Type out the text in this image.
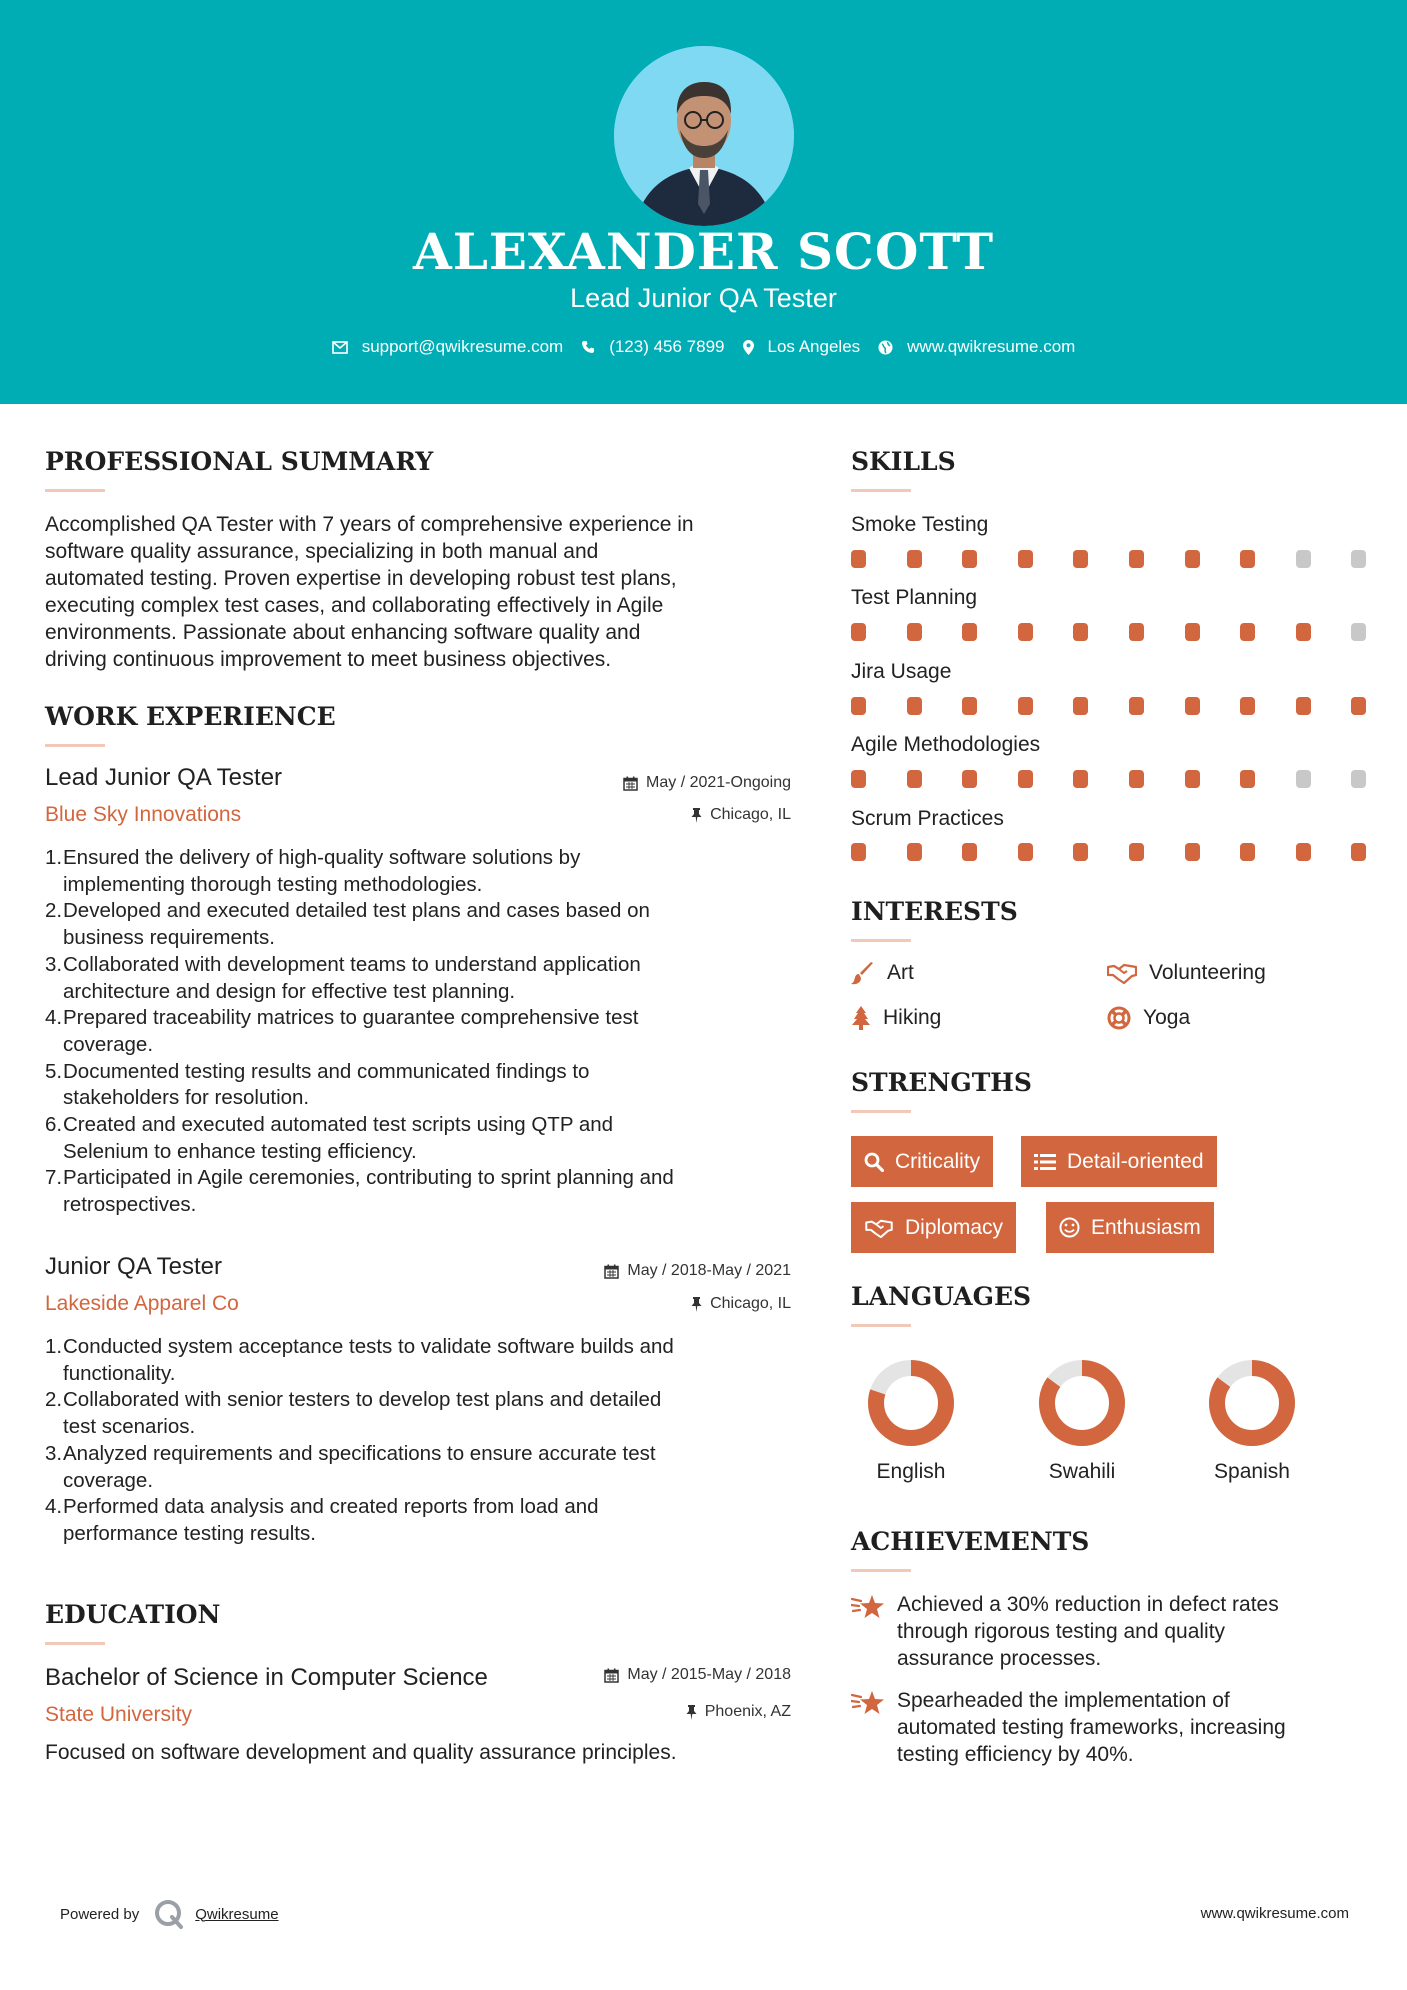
ALEXANDER SCOTT
Lead Junior QA Tester
support@qwikresume.com	(123) 456 7899	Los Angeles	www.qwikresume.com
PROFESSIONAL SUMMARY
Accomplished QA Tester with 7 years of comprehensive experience in
software quality assurance, specializing in both manual and
automated testing. Proven expertise in developing robust test plans,
executing complex test cases, and collaborating effectively in Agile
environments. Passionate about enhancing software quality and
driving continuous improvement to meet business objectives.
WORK EXPERIENCE
Lead Junior QA Tester
Blue Sky Innovations
May / 2021-Ongoing
Chicago, IL
1. Ensured the delivery of high-quality software solutions by
implementing thorough testing methodologies.
2. Developed and executed detailed test plans and cases based on
business requirements.
3. Collaborated with development teams to understand application
architecture and design for effective test planning.
4. Prepared traceability matrices to guarantee comprehensive test
coverage.
5. Documented testing results and communicated findings to
stakeholders for resolution.
6. Created and executed automated test scripts using QTP and
Selenium to enhance testing efficiency.
7. Participated in Agile ceremonies, contributing to sprint planning and
retrospectives.
Junior QA Tester
Lakeside Apparel Co
May / 2018-May / 2021
Chicago, IL
1. Conducted system acceptance tests to validate software builds and
functionality.
2. Collaborated with senior testers to develop test plans and detailed
test scenarios.
3. Analyzed requirements and specifications to ensure accurate test
coverage.
4. Performed data analysis and created reports from load and
performance testing results.
EDUCATION
Bachelor of Science in Computer Science
State University
May / 2015-May / 2018
Phoenix, AZ
Focused on software development and quality assurance principles.
SKILLS
Smoke Testing
Test Planning
Jira Usage
Agile Methodologies
Scrum Practices
INTERESTS
Art	Volunteering
Hiking	Yoga
STRENGTHS
Criticality	Detail-oriented
Diplomacy	Enthusiasm
LANGUAGES
English	Swahili	Spanish
ACHIEVEMENTS
Achieved a 30% reduction in defect rates
through rigorous testing and quality
assurance processes.
Spearheaded the implementation of
automated testing frameworks, increasing
testing efficiency by 40%.
Powered by	Qwikresume	www.qwikresume.com
